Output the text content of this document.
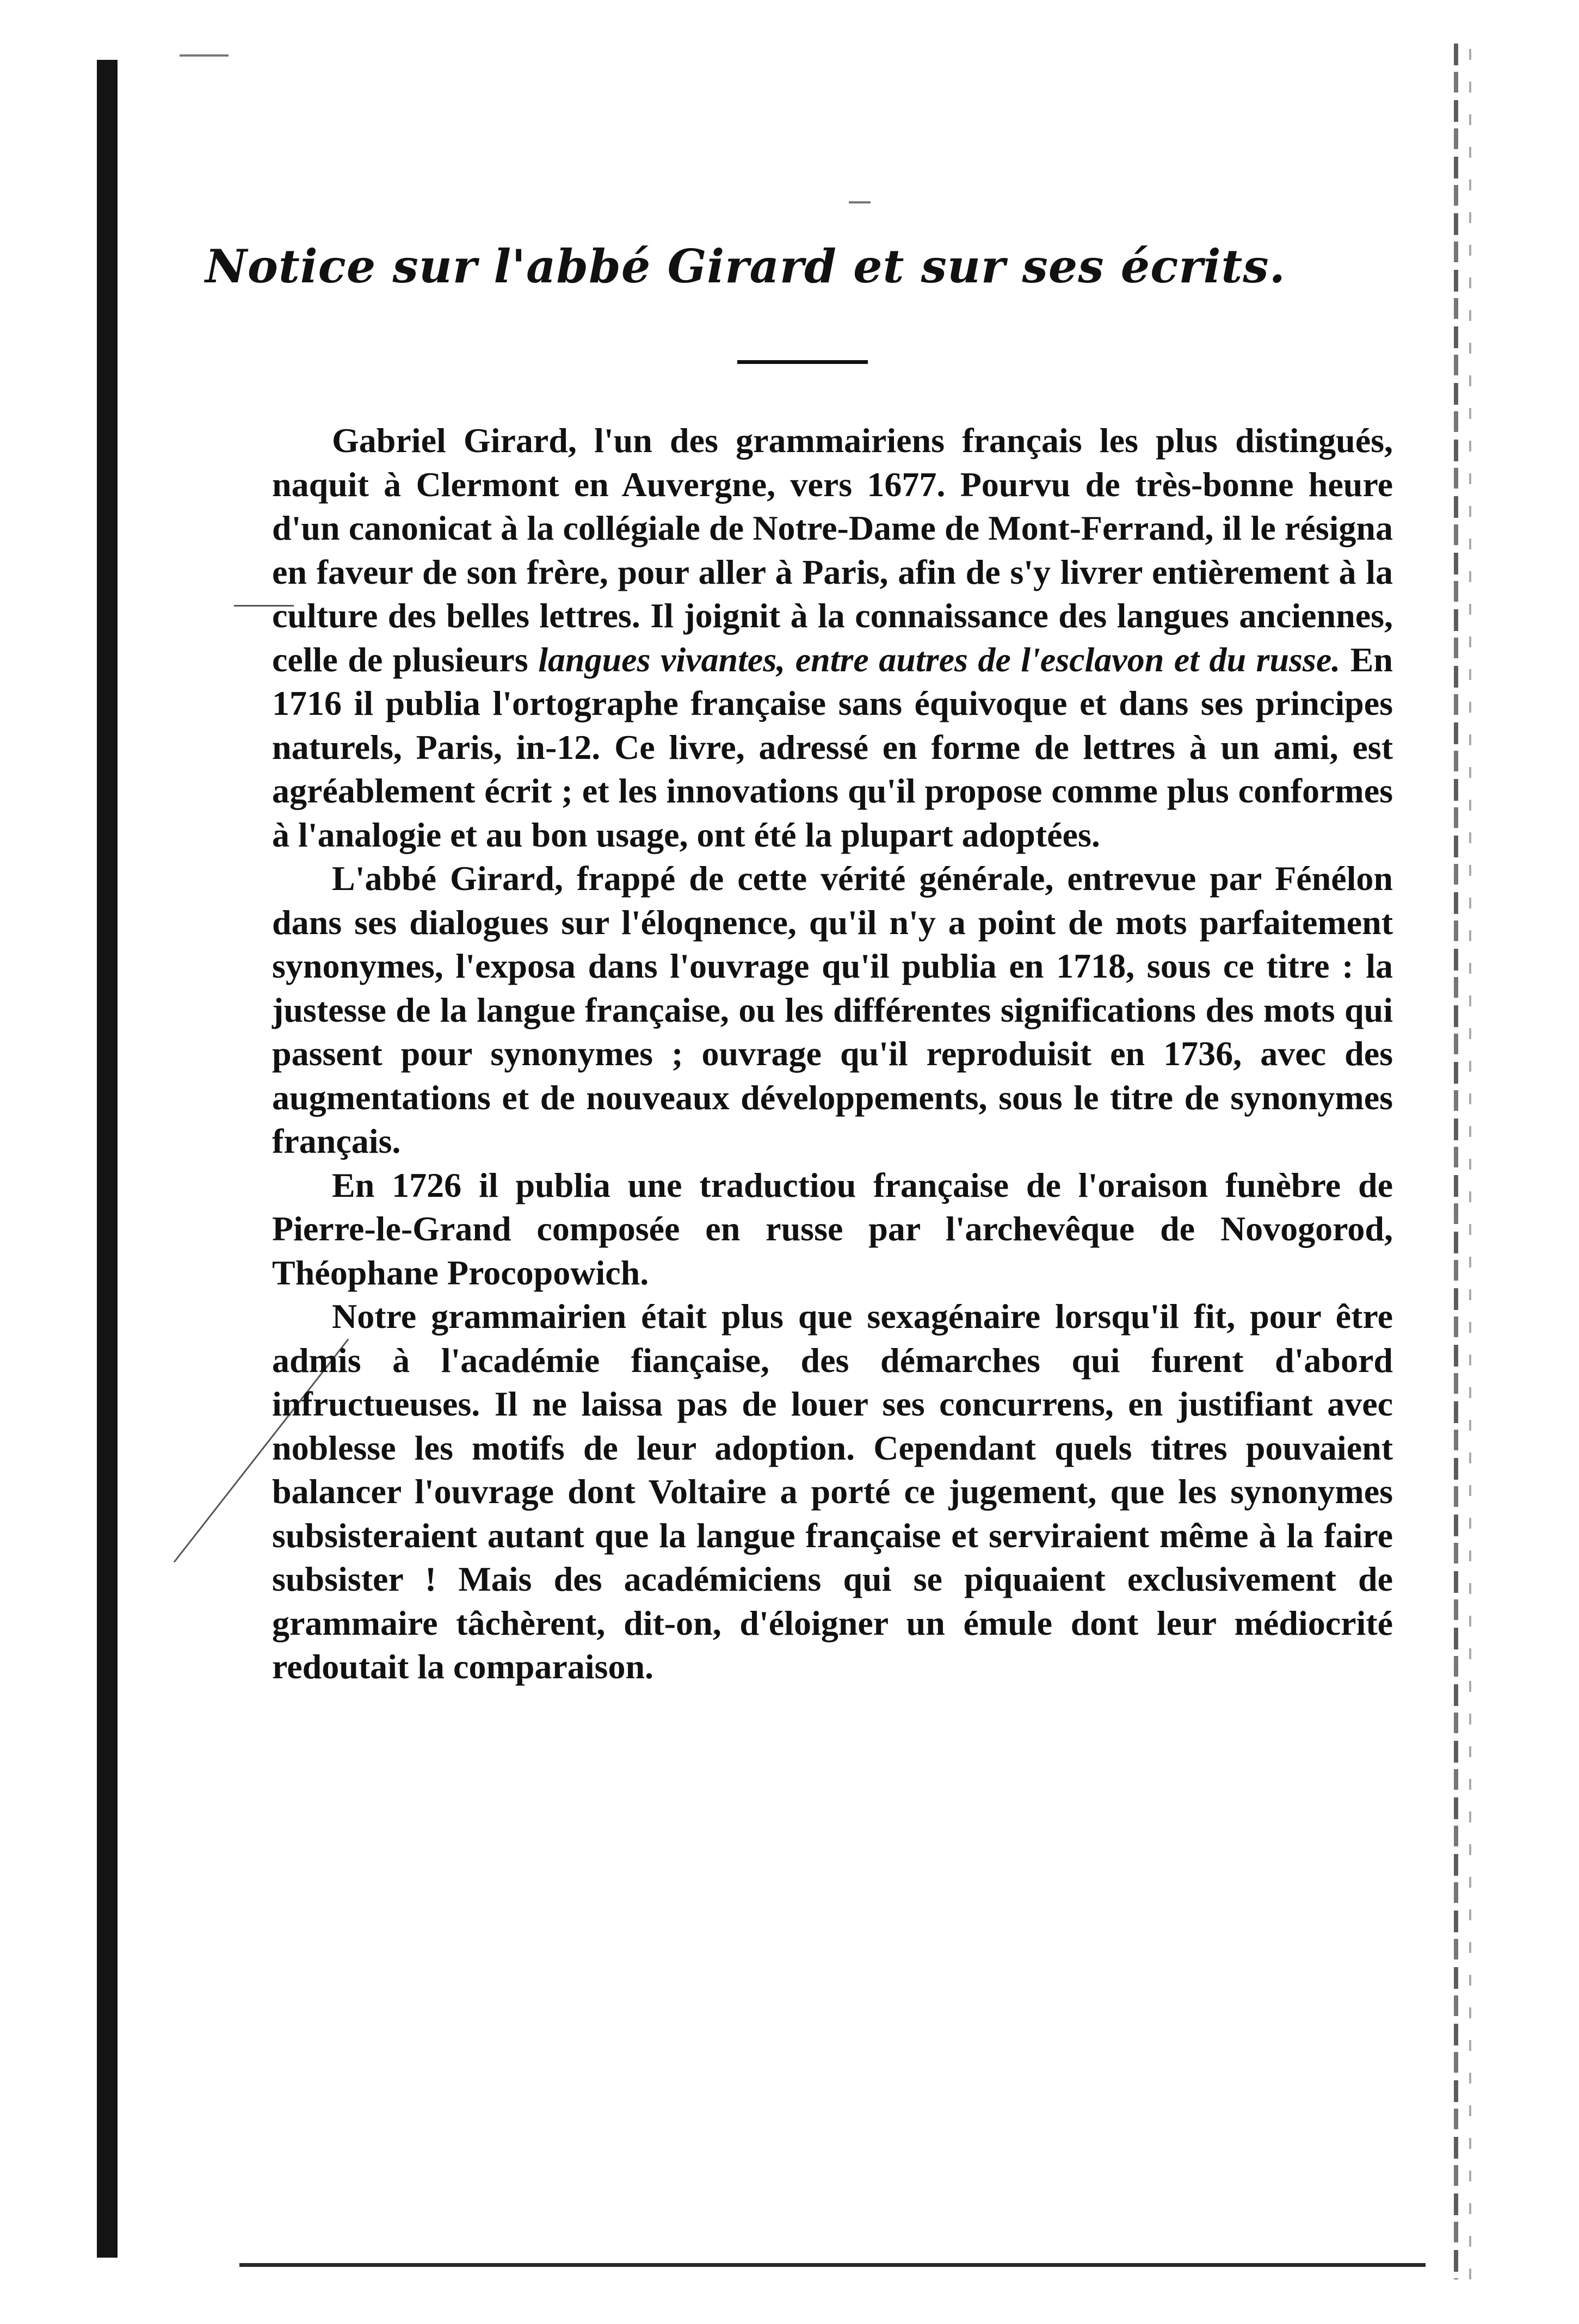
Notice sur l'abbé Girard et sur ses écrits.

Gabriel Girard, l'un des grammairiens français les plus distingués, naquit à Clermont en Auvergne, vers 1677. Pourvu de très-bonne heure d'un canonicat à la collégiale de Notre-Dame de Mont-Ferrand, il le résigna en faveur de son frère, pour aller à Paris, afin de s'y livrer entièrement à la culture des belles lettres. Il joignit à la connaissance des langues anciennes, celle de plusieurs langues vivantes, entre autres de l'esclavon et du russe. En 1716 il publia l'ortographe française sans équivoque et dans ses principes naturels, Paris, in-12. Ce livre, adressé en forme de lettres à un ami, est agréablement écrit ; et les innovations qu'il propose comme plus conformes à l'analogie et au bon usage, ont été la plupart adoptées.

L'abbé Girard, frappé de cette vérité générale, entrevue par Fénélon dans ses dialogues sur l'éloqnence, qu'il n'y a point de mots parfaitement synonymes, l'exposa dans l'ouvrage qu'il publia en 1718, sous ce titre : la justesse de la langue française, ou les différentes significations des mots qui passent pour synonymes ; ouvrage qu'il reproduisit en 1736, avec des augmentations et de nouveaux développements, sous le titre de synonymes français.

En 1726 il publia une traductiou française de l'oraison funèbre de Pierre-le-Grand composée en russe par l'archevêque de Novogorod, Théophane Procopowich.

Notre grammairien était plus que sexagénaire lorsqu'il fit, pour être admis à l'académie fiançaise, des démarches qui furent d'abord infructueuses. Il ne laissa pas de louer ses concurrens, en justifiant avec noblesse les motifs de leur adoption. Cependant quels titres pouvaient balancer l'ouvrage dont Voltaire a porté ce jugement, que les synonymes subsisteraient autant que la langue française et serviraient même à la faire subsister ! Mais des académiciens qui se piquaient exclusivement de grammaire tâchèrent, dit-on, d'éloigner un émule dont leur médiocrité redoutait la comparaison.
